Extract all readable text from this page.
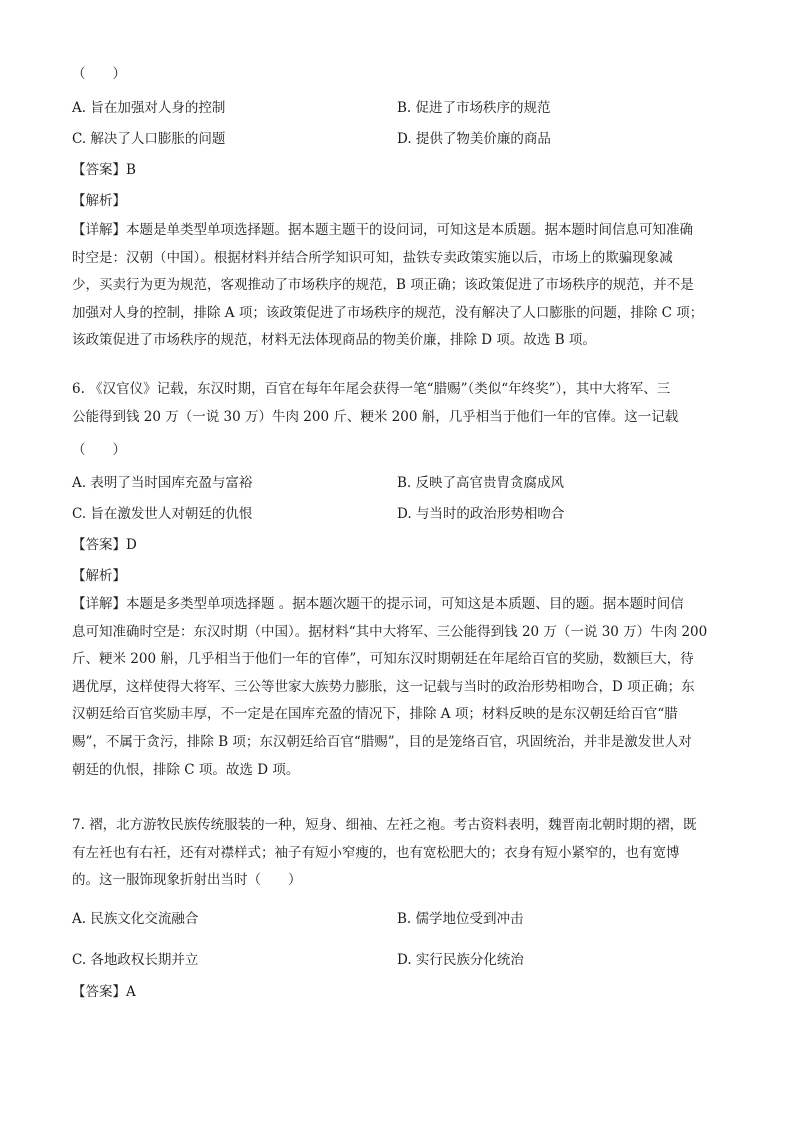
（　　）
A. 旨在加强对人身的控制	B. 促进了市场秩序的规范
C. 解决了人口膨胀的问题	D. 提供了物美价廉的商品
【答案】B
【解析】
【详解】本题是单类型单项选择题。据本题主题干的设问词，可知这是本质题。据本题时间信息可知准确
时空是：汉朝（中国）。根据材料并结合所学知识可知，盐铁专卖政策实施以后，市场上的欺骗现象减
少，买卖行为更为规范，客观推动了市场秩序的规范，B 项正确；该政策促进了市场秩序的规范，并不是
加强对人身的控制，排除 A 项；该政策促进了市场秩序的规范，没有解决了人口膨胀的问题，排除 C 项；
该政策促进了市场秩序的规范，材料无法体现商品的物美价廉，排除 D 项。故选 B 项。
6. 《汉官仪》记载，东汉时期，百官在每年年尾会获得一笔“腊赐”（类似“年终奖”），其中大将军、三
公能得到钱 20 万（一说 30 万）牛肉 200 斤、粳米 200 斛，几乎相当于他们一年的官俸。这一记载
（　　）
A. 表明了当时国库充盈与富裕	B. 反映了高官贵胄贪腐成风
C. 旨在激发世人对朝廷的仇恨	D. 与当时的政治形势相吻合
【答案】D
【解析】
【详解】本题是多类型单项选择题 。据本题次题干的提示词，可知这是本质题、目的题。据本题时间信
息可知准确时空是：东汉时期（中国）。据材料“其中大将军、三公能得到钱 20 万（一说 30 万）牛肉 200
斤、粳米 200 斛，几乎相当于他们一年的官俸”，可知东汉时期朝廷在年尾给百官的奖励，数额巨大，待
遇优厚，这样使得大将军、三公等世家大族势力膨胀，这一记载与当时的政治形势相吻合，D 项正确；东
汉朝廷给百官奖励丰厚，不一定是在国库充盈的情况下，排除 A 项；材料反映的是东汉朝廷给百官“腊
赐”，不属于贪污，排除 B 项；东汉朝廷给百官“腊赐”，目的是笼络百官，巩固统治，并非是激发世人对
朝廷的仇恨，排除 C 项。故选 D 项。
7. 褶，北方游牧民族传统服装的一种，短身、细袖、左衽之袍。考古资料表明，魏晋南北朝时期的褶，既
有左衽也有右衽，还有对襟样式；袖子有短小窄瘦的，也有宽松肥大的；衣身有短小紧窄的，也有宽博
的。这一服饰现象折射出当时（　　）
A. 民族文化交流融合	B. 儒学地位受到冲击
C. 各地政权长期并立	D. 实行民族分化统治
【答案】A
